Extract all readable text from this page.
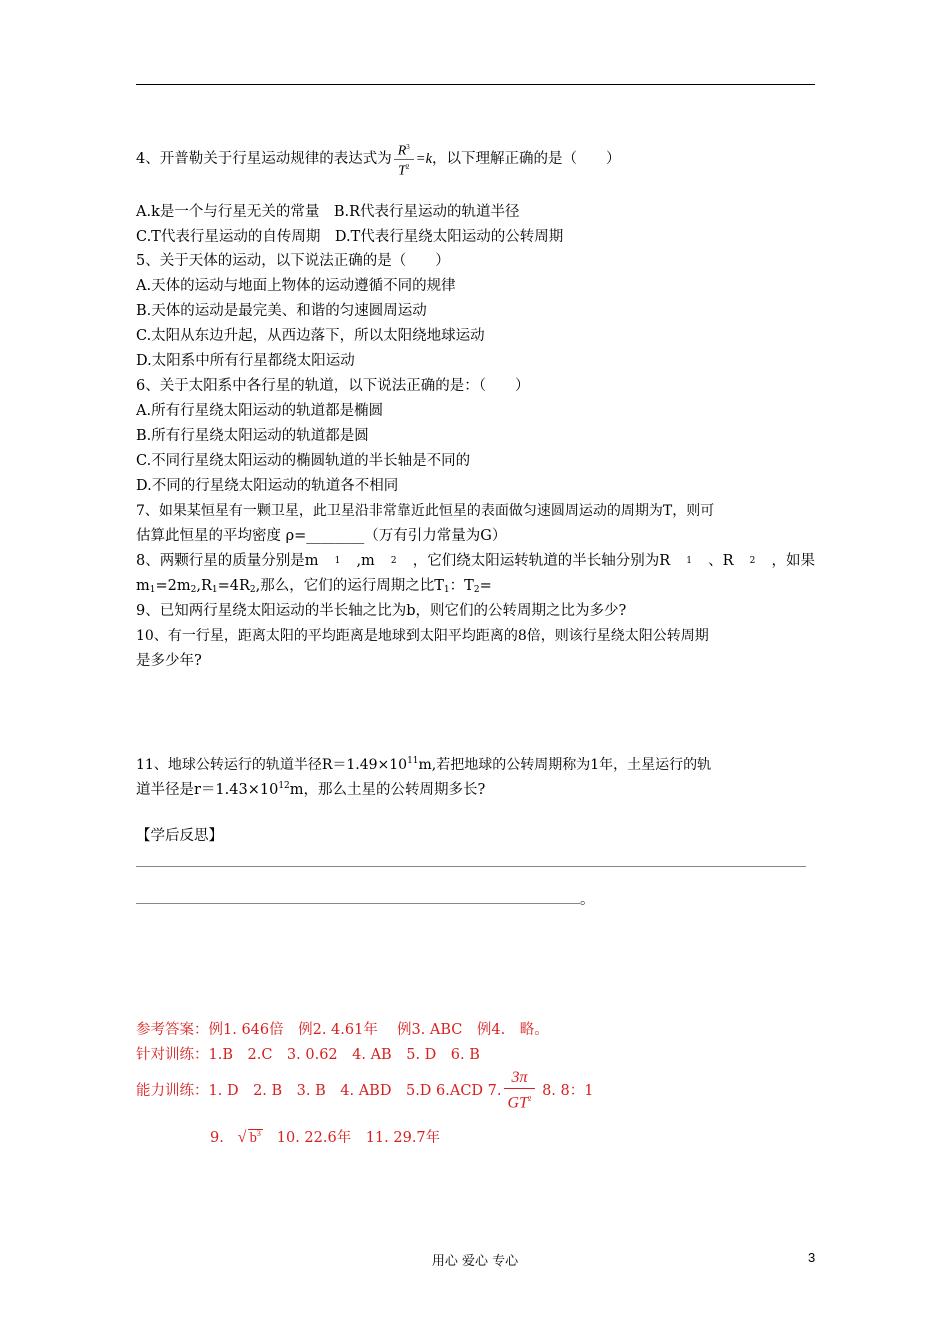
4、开普勒关于行星运动规律的表达式为 $\frac{R^3}{T^2} =k$，以下理解正确的是（　　）
A.k是一个与行星无关的常量　B.R代表行星运动的轨道半径
C.T代表行星运动的自传周期　D.T代表行星绕太阳运动的公转周期
5、关于天体的运动，以下说法正确的是（　　）
A.天体的运动与地面上物体的运动遵循不同的规律
B.天体的运动是最完美、和谐的匀速圆周运动
C.太阳从东边升起，从西边落下，所以太阳绕地球运动
D.太阳系中所有行星都绕太阳运动
6、关于太阳系中各行星的轨道，以下说法正确的是：（　　）
A.所有行星绕太阳运动的轨道都是椭圆
B.所有行星绕太阳运动的轨道都是圆
C.不同行星绕太阳运动的椭圆轨道的半长轴是不同的
D.不同的行星绕太阳运动的轨道各不相同
7、如果某恒星有一颗卫星，此卫星沿非常靠近此恒星的表面做匀速圆周运动的周期为T，则可
估算此恒星的平均密度 ρ=________（万有引力常量为G）
8、两颗行星的质量分别是m 1 ,m 2 ，它们绕太阳运转轨道的半长轴分别为R 1 、R 2 ，如果
$m_1=2m_2,R_1=4R_2$,那么，它们的运行周期之比$T_1$：$T_2=$
9、已知两行星绕太阳运动的半长轴之比为b，则它们的公转周期之比为多少?
10、有一行星，距离太阳的平均距离是地球到太阳平均距离的8倍，则该行星绕太阳公转周期
是多少年?
11、地球公转运行的轨道半径$R=1.49\times 10^{11}m$,若把地球的公转周期称为1年，土星运行的轨
道半径是$r=1.43\times 10^{12}m$，那么土星的公转周期多长?
【学后反思】
。
参考答案：例1. 646倍　例2. 4.61年　 例3. ABC　例4.　略。
针对训练：1.B　2.C　3. 0.62　4. AB　5. D　6. B
能力训练：1. D　2. B　3. B　4. ABD　5.D 6.ACD 7. $\frac{3\pi}{GT^2} 8$. 8：1
9. √ $b^3$ 10. 22.6年　11. 29.7年
用心 爱心 专心	3
